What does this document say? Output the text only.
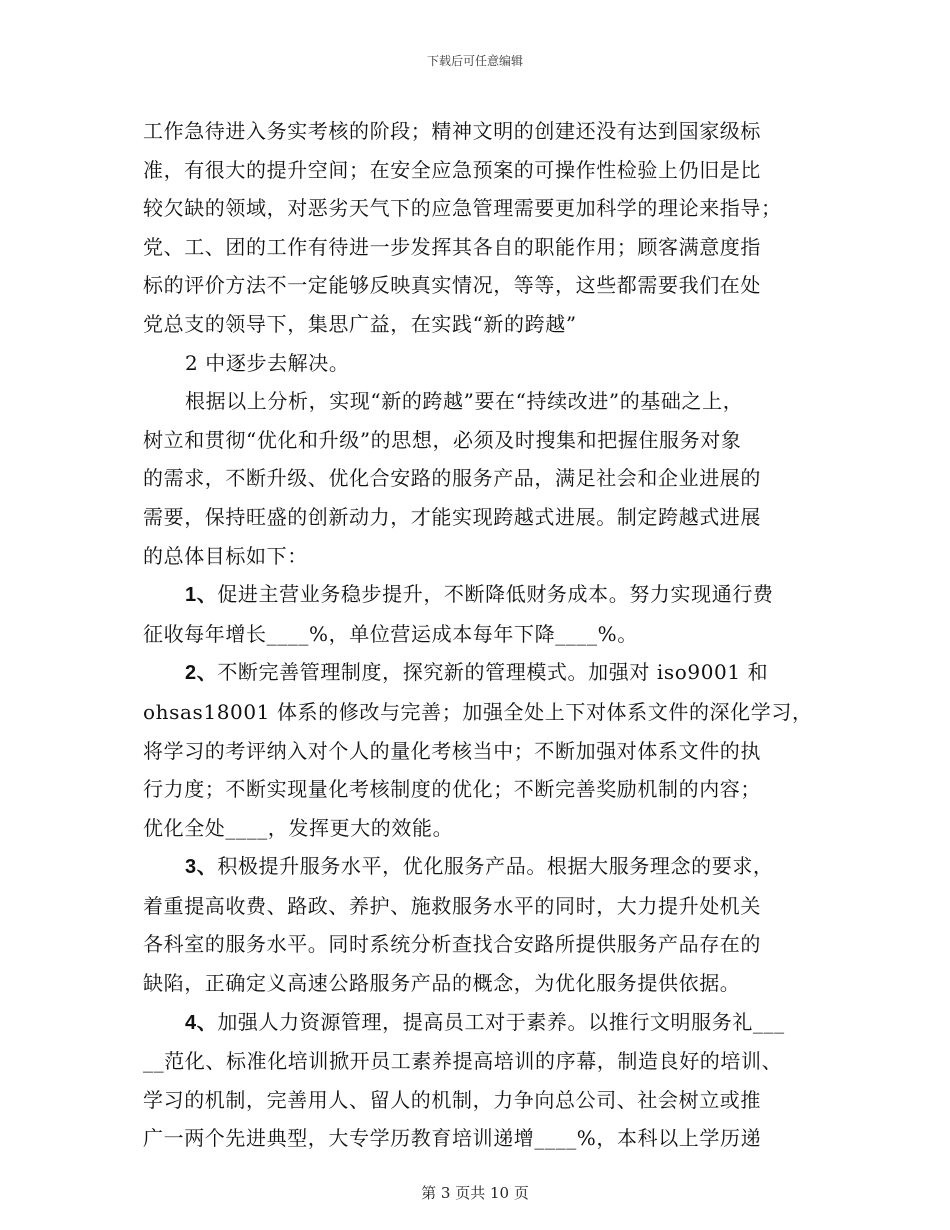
下载后可任意编辑

工作急待进入务实考核的阶段；精神文明的创建还没有达到国家级标
准，有很大的提升空间；在安全应急预案的可操作性检验上仍旧是比
较欠缺的领域，对恶劣天气下的应急管理需要更加科学的理论来指导；
党、工、团的工作有待进一步发挥其各自的职能作用；顾客满意度指
标的评价方法不一定能够反映真实情况，等等，这些都需要我们在处
党总支的领导下，集思广益，在实践“新的跨越”
2 中逐步去解决。

根据以上分析，实现“新的跨越”要在“持续改进”的基础之上，
树立和贯彻“优化和升级”的思想，必须及时搜集和把握住服务对象
的需求，不断升级、优化合安路的服务产品，满足社会和企业进展的
需要，保持旺盛的创新动力，才能实现跨越式进展。制定跨越式进展
的总体目标如下：

1、促进主营业务稳步提升，不断降低财务成本。努力实现通行费
征收每年增长____%，单位营运成本每年下降____%。

2、不断完善管理制度，探究新的管理模式。加强对 iso9001 和
ohsas18001 体系的修改与完善；加强全处上下对体系文件的深化学习，
将学习的考评纳入对个人的量化考核当中；不断加强对体系文件的执
行力度；不断实现量化考核制度的优化；不断完善奖励机制的内容；
优化全处____，发挥更大的效能。

3、积极提升服务水平，优化服务产品。根据大服务理念的要求，
着重提高收费、路政、养护、施救服务水平的同时，大力提升处机关
各科室的服务水平。同时系统分析查找合安路所提供服务产品存在的
缺陷，正确定义高速公路服务产品的概念，为优化服务提供依据。

4、加强人力资源管理，提高员工对于素养。以推行文明服务礼___
__范化、标准化培训掀开员工素养提高培训的序幕，制造良好的培训、
学习的机制，完善用人、留人的机制，力争向总公司、社会树立或推
广一两个先进典型，大专学历教育培训递增____%，本科以上学历递

第 3 页共 10 页
